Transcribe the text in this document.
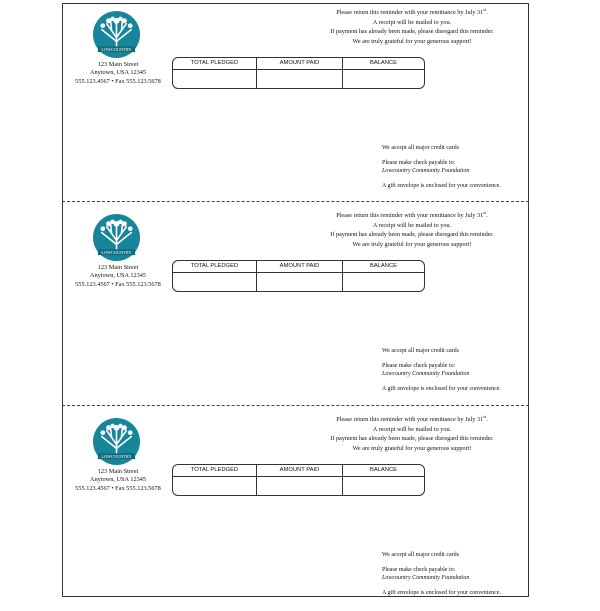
LOWCOUNTRY
123 Main Street
Anytown, USA 12345
555.123.4567 • Fax 555.123.5678
Please return this reminder with your remittance by July 31st.
A receipt will be mailed to you.
If payment has already been made, please disregard this reminder.
We are truly grateful for your generous support!
TOTAL PLEDGED	AMOUNT PAID	BALANCE

We accept all major credit cards

Please make check payable to:
Lowcountry Community Foundation

A gift envelope is enclosed for your convenience.

LOWCOUNTRY
123 Main Street
Anytown, USA 12345
555.123.4567 • Fax 555.123.5678
Please return this reminder with your remittance by July 31st.
A receipt will be mailed to you.
If payment has already been made, please disregard this reminder.
We are truly grateful for your generous support!
TOTAL PLEDGED	AMOUNT PAID	BALANCE

We accept all major credit cards

Please make check payable to:
Lowcountry Community Foundation

A gift envelope is enclosed for your convenience.

LOWCOUNTRY
123 Main Street
Anytown, USA 12345
555.123.4567 • Fax 555.123.5678
Please return this reminder with your remittance by July 31st.
A receipt will be mailed to you.
If payment has already been made, please disregard this reminder.
We are truly grateful for your generous support!
TOTAL PLEDGED	AMOUNT PAID	BALANCE

We accept all major credit cards

Please make check payable to:
Lowcountry Community Foundation

A gift envelope is enclosed for your convenience.
